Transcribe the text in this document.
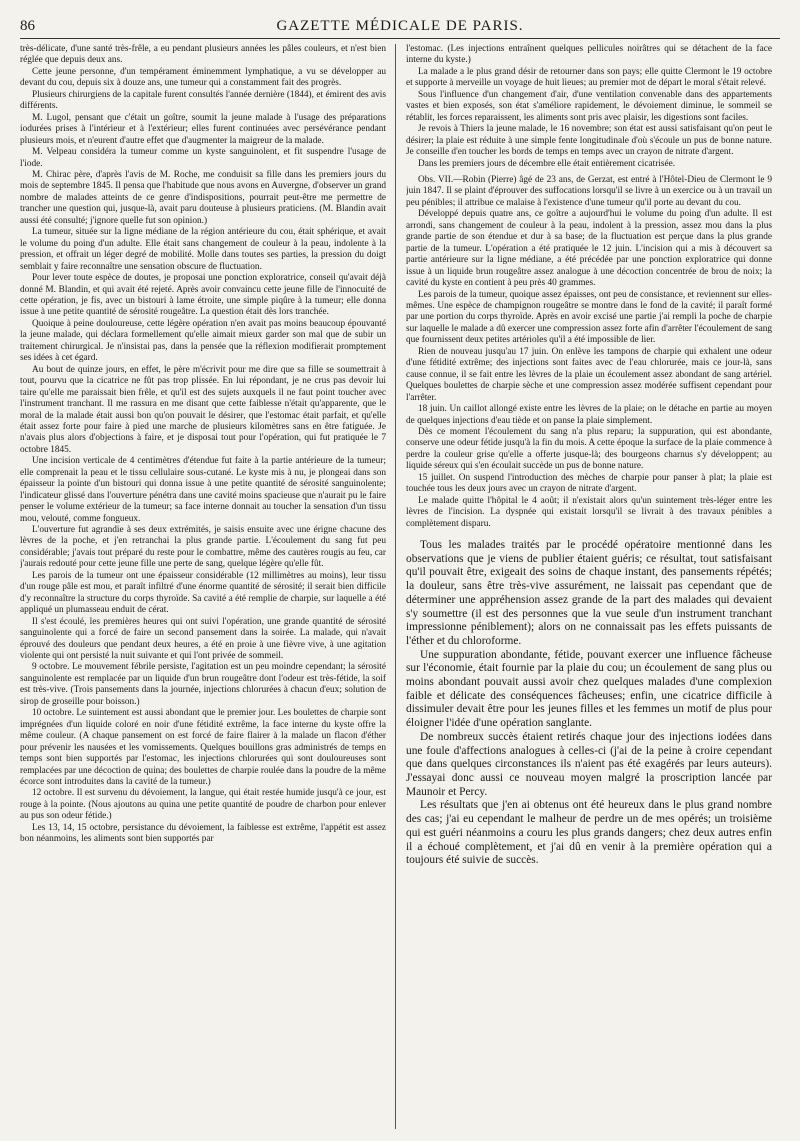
86	GAZETTE MÉDICALE DE PARIS.

très-délicate, d'une santé très-frêle, a eu pendant plusieurs années les pâles couleurs, et n'est bien réglée que depuis deux ans.

Cette jeune personne, d'un tempérament éminemment lymphatique, a vu se développer au devant du cou, depuis six à douze ans, une tumeur qui a constamment fait des progrès.

Plusieurs chirurgiens de la capitale furent consultés l'année dernière (1844), et émirent des avis différents.

M. Lugol, pensant que c'était un goître, soumit la jeune malade à l'usage des préparations iodurées prises à l'intérieur et à l'extérieur; elles furent continuées avec persévérance pendant plusieurs mois, et n'eurent d'autre effet que d'augmenter la maigreur de la malade.

M. Velpeau considéra la tumeur comme un kyste sanguinolent, et fit suspendre l'usage de l'iode.

M. Chirac père, d'après l'avis de M. Roche, me conduisit sa fille dans les premiers jours du mois de septembre 1845. Il pensa que l'habitude que nous avons en Auvergne, d'observer un grand nombre de malades atteints de ce genre d'indispositions, pourrait peut-être me permettre de trancher une question qui, jusque-là, avait paru douteuse à plusieurs praticiens. (M. Blandin avait aussi été consulté; j'ignore quelle fut son opinion.)

La tumeur, située sur la ligne médiane de la région antérieure du cou, était sphérique, et avait le volume du poing d'un adulte. Elle était sans changement de couleur à la peau, indolente à la pression, et offrait un léger degré de mobilité. Molle dans toutes ses parties, la pression du doigt semblait y faire reconnaître une sensation obscure de fluctuation.

Pour lever toute espèce de doutes, je proposai une ponction exploratrice, conseil qu'avait déjà donné M. Blandin, et qui avait été rejeté. Après avoir convaincu cette jeune fille de l'innocuité de cette opération, je fis, avec un bistouri à lame étroite, une simple piqûre à la tumeur; elle donna issue à une petite quantité de sérosité rougeâtre. La question était dès lors tranchée.

Quoique à peine douloureuse, cette légère opération n'en avait pas moins beaucoup épouvanté la jeune malade, qui déclara formellement qu'elle aimait mieux garder son mal que de subir un traitement chirurgical. Je n'insistai pas, dans la pensée que la réflexion modifierait promptement ses idées à cet égard.

Au bout de quinze jours, en effet, le père m'écrivit pour me dire que sa fille se soumettrait à tout, pourvu que la cicatrice ne fût pas trop plissée. En lui répondant, je ne crus pas devoir lui taire qu'elle me paraissait bien frêle, et qu'il est des sujets auxquels il ne faut point toucher avec l'instrument tranchant. Il me rassura en me disant que cette faiblesse n'était qu'apparente, que le moral de la malade était aussi bon qu'on pouvait le désirer, que l'estomac était parfait, et qu'elle était assez forte pour faire à pied une marche de plusieurs kilomètres sans en être fatiguée. Je n'avais plus alors d'objections à faire, et je disposai tout pour l'opération, qui fut pratiquée le 7 octobre 1845.

Une incision verticale de 4 centimètres d'étendue fut faite à la partie antérieure de la tumeur; elle comprenait la peau et le tissu cellulaire sous-cutané. Le kyste mis à nu, je plongeai dans son épaisseur la pointe d'un bistouri qui donna issue à une petite quantité de sérosité sanguinolente; l'indicateur glissé dans l'ouverture pénétra dans une cavité moins spacieuse que n'aurait pu le faire penser le volume extérieur de la tumeur; sa face interne donnait au toucher la sensation d'un tissu mou, velouté, comme fongueux.

L'ouverture fut agrandie à ses deux extrémités, je saisis ensuite avec une érigne chacune des lèvres de la poche, et j'en retranchai la plus grande partie. L'écoulement du sang fut peu considérable; j'avais tout préparé du reste pour le combattre, même des cautères rougis au feu, car j'aurais redouté pour cette jeune fille une perte de sang, quelque légère qu'elle fût.

Les parois de la tumeur ont une épaisseur considérable (12 millimètres au moins), leur tissu d'un rouge pâle est mou, et paraît infiltré d'une énorme quantité de sérosité; il serait bien difficile d'y reconnaître la structure du corps thyroïde. Sa cavité a été remplie de charpie, sur laquelle a été appliqué un plumasseau enduit de cérat.

Il s'est écoulé, les premières heures qui ont suivi l'opération, une grande quantité de sérosité sanguinolente qui a forcé de faire un second pansement dans la soirée. La malade, qui n'avait éprouvé des douleurs que pendant deux heures, a été en proie à une fièvre vive, à une agitation violente qui ont persisté la nuit suivante et qui l'ont privée de sommeil.

9 octobre. Le mouvement fébrile persiste, l'agitation est un peu moindre cependant; la sérosité sanguinolente est remplacée par un liquide d'un brun rougeâtre dont l'odeur est très-fétide, la soif est très-vive. (Trois pansements dans la journée, injections chlorurées à chacun d'eux; solution de sirop de groseille pour boisson.)

10 octobre. Le suintement est aussi abondant que le premier jour. Les boulettes de charpie sont imprégnées d'un liquide coloré en noir d'une fétidité extrême, la face interne du kyste offre la même couleur. (A chaque pansement on est forcé de faire flairer à la malade un flacon d'éther pour prévenir les nausées et les vomissements. Quelques bouillons gras administrés de temps en temps sont bien supportés par l'estomac, les injections chlorurées qui sont douloureuses sont remplacées par une décoction de quina; des boulettes de charpie roulée dans la poudre de la même écorce sont introduites dans la cavité de la tumeur.)

12 octobre. Il est survenu du dévoiement, la langue, qui était restée humide jusqu'à ce jour, est rouge à la pointe. (Nous ajoutons au quina une petite quantité de poudre de charbon pour enlever au pus son odeur fétide.)

Les 13, 14, 15 octobre, persistance du dévoiement, la faiblesse est extrême, l'appétit est assez bon néanmoins, les aliments sont bien supportés par

l'estomac. (Les injections entraînent quelques pellicules noirâtres qui se détachent de la face interne du kyste.)

La malade a le plus grand désir de retourner dans son pays; elle quitte Clermont le 19 octobre et supporte à merveille un voyage de huit lieues; au premier mot de départ le moral s'était relevé.

Sous l'influence d'un changement d'air, d'une ventilation convenable dans des appartements vastes et bien exposés, son état s'améliore rapidement, le dévoiement diminue, le sommeil se rétablit, les forces reparaissent, les aliments sont pris avec plaisir, les digestions sont faciles.

Je revois à Thiers la jeune malade, le 16 novembre; son état est aussi satisfaisant qu'on peut le désirer; la plaie est réduite à une simple fente longitudinale d'où s'écoule un pus de bonne nature. Je conseille d'en toucher les bords de temps en temps avec un crayon de nitrate d'argent.

Dans les premiers jours de décembre elle était entièrement cicatrisée.

Obs. VII.—Robin (Pierre) âgé de 23 ans, de Gerzat, est entré à l'Hôtel-Dieu de Clermont le 9 juin 1847. Il se plaint d'éprouver des suffocations lorsqu'il se livre à un exercice ou à un travail un peu pénibles; il attribue ce malaise à l'existence d'une tumeur qu'il porte au devant du cou.

Développé depuis quatre ans, ce goître a aujourd'hui le volume du poing d'un adulte. Il est arrondi, sans changement de couleur à la peau, indolent à la pression, assez mou dans la plus grande partie de son étendue et dur à sa base; de la fluctuation est perçue dans la plus grande partie de la tumeur. L'opération a été pratiquée le 12 juin. L'incision qui a mis à découvert sa partie antérieure sur la ligne médiane, a été précédée par une ponction exploratrice qui donne issue à un liquide brun rougeâtre assez analogue à une décoction concentrée de brou de noix; la cavité du kyste en contient à peu près 40 grammes.

Les parois de la tumeur, quoique assez épaisses, ont peu de consistance, et reviennent sur elles-mêmes. Une espèce de champignon rougeâtre se montre dans le fond de la cavité; il paraît formé par une portion du corps thyroïde. Après en avoir excisé une partie j'ai rempli la poche de charpie sur laquelle le malade a dû exercer une compression assez forte afin d'arrêter l'écoulement de sang que fournissent deux petites artérioles qu'il a été impossible de lier.

Rien de nouveau jusqu'au 17 juin. On enlève les tampons de charpie qui exhalent une odeur d'une fétidité extrême; des injections sont faites avec de l'eau chlorurée, mais ce jour-là, sans cause connue, il se fait entre les lèvres de la plaie un écoulement assez abondant de sang artériel. Quelques boulettes de charpie sèche et une compression assez modérée suffisent cependant pour l'arrêter.

18 juin. Un caillot allongé existe entre les lèvres de la plaie; on le détache en partie au moyen de quelques injections d'eau tiède et on panse la plaie simplement.

Dès ce moment l'écoulement du sang n'a plus reparu; la suppuration, qui est abondante, conserve une odeur fétide jusqu'à la fin du mois. A cette époque la surface de la plaie commence à perdre la couleur grise qu'elle a offerte jusque-là; des bourgeons charnus s'y développent; au liquide séreux qui s'en écoulait succède un pus de bonne nature.

15 juillet. On suspend l'introduction des mèches de charpie pour panser à plat; la plaie est touchée tous les deux jours avec un crayon de nitrate d'argent.

Le malade quitte l'hôpital le 4 août; il n'existait alors qu'un suintement très-léger entre les lèvres de l'incision. La dyspnée qui existait lorsqu'il se livrait à des travaux pénibles a complètement disparu.

Tous les malades traités par le procédé opératoire mentionné dans les observations que je viens de publier étaient guéris; ce résultat, tout satisfaisant qu'il pouvait être, exigeait des soins de chaque instant, des pansements répétés; la douleur, sans être très-vive assurément, ne laissait pas cependant que de déterminer une appréhension assez grande de la part des malades qui devaient s'y soumettre (il est des personnes que la vue seule d'un instrument tranchant impressionne péniblement); alors on ne connaissait pas les effets puissants de l'éther et du chloroforme.

Une suppuration abondante, fétide, pouvant exercer une influence fâcheuse sur l'économie, était fournie par la plaie du cou; un écoulement de sang plus ou moins abondant pouvait aussi avoir chez quelques malades d'une complexion faible et délicate des conséquences fâcheuses; enfin, une cicatrice difficile à dissimuler devait être pour les jeunes filles et les femmes un motif de plus pour éloigner l'idée d'une opération sanglante.

De nombreux succès étaient retirés chaque jour des injections iodées dans une foule d'affections analogues à celles-ci (j'ai de la peine à croire cependant que dans quelques circonstances ils n'aient pas été exagérés par leurs auteurs). J'essayai donc aussi ce nouveau moyen malgré la proscription lancée par Maunoir et Percy.

Les résultats que j'en ai obtenus ont été heureux dans le plus grand nombre des cas; j'ai eu cependant le malheur de perdre un de mes opérés; un troisième qui est guéri néanmoins a couru les plus grands dangers; chez deux autres enfin il a échoué complètement, et j'ai dû en venir à la première opération qui a toujours été suivie de succès.
